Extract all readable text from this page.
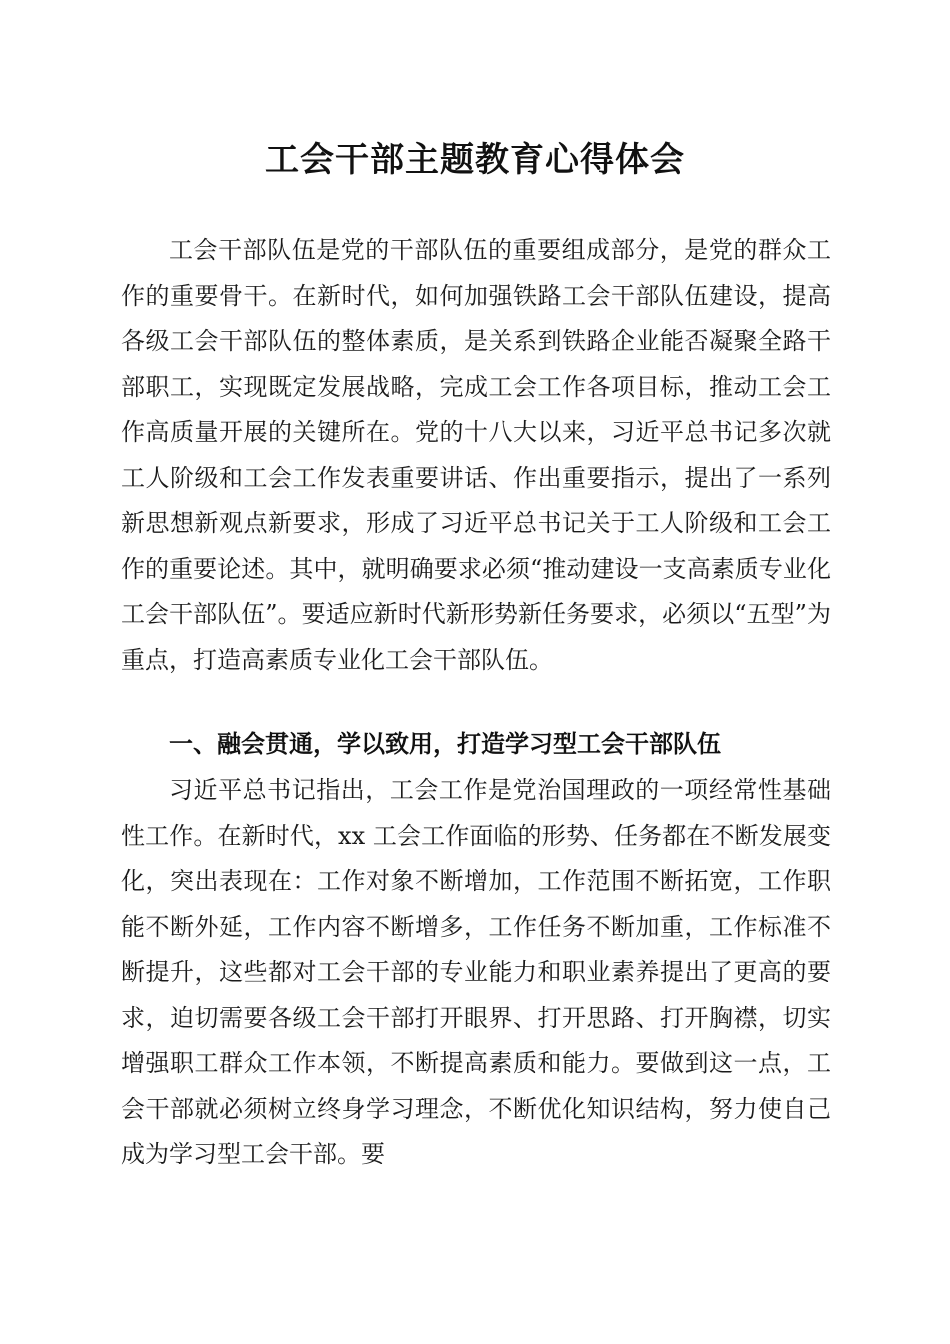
工会干部主题教育心得体会

工会干部队伍是党的干部队伍的重要组成部分，是党的群众工作的重要骨干。在新时代，如何加强铁路工会干部队伍建设，提高各级工会干部队伍的整体素质，是关系到铁路企业能否凝聚全路干部职工，实现既定发展战略，完成工会工作各项目标，推动工会工作高质量开展的关键所在。党的十八大以来，习近平总书记多次就工人阶级和工会工作发表重要讲话、作出重要指示，提出了一系列新思想新观点新要求，形成了习近平总书记关于工人阶级和工会工作的重要论述。其中，就明确要求必须“推动建设一支高素质专业化工会干部队伍”。要适应新时代新形势新任务要求，必须以“五型”为重点，打造高素质专业化工会干部队伍。

一、融会贯通，学以致用，打造学习型工会干部队伍

习近平总书记指出，工会工作是党治国理政的一项经常性基础性工作。在新时代，xx 工会工作面临的形势、任务都在不断发展变化，突出表现在：工作对象不断增加，工作范围不断拓宽，工作职能不断外延，工作内容不断增多，工作任务不断加重，工作标准不断提升，这些都对工会干部的专业能力和职业素养提出了更高的要求，迫切需要各级工会干部打开眼界、打开思路、打开胸襟，切实增强职工群众工作本领，不断提高素质和能力。要做到这一点，工会干部就必须树立终身学习理念，不断优化知识结构，努力使自己成为学习型工会干部。要
